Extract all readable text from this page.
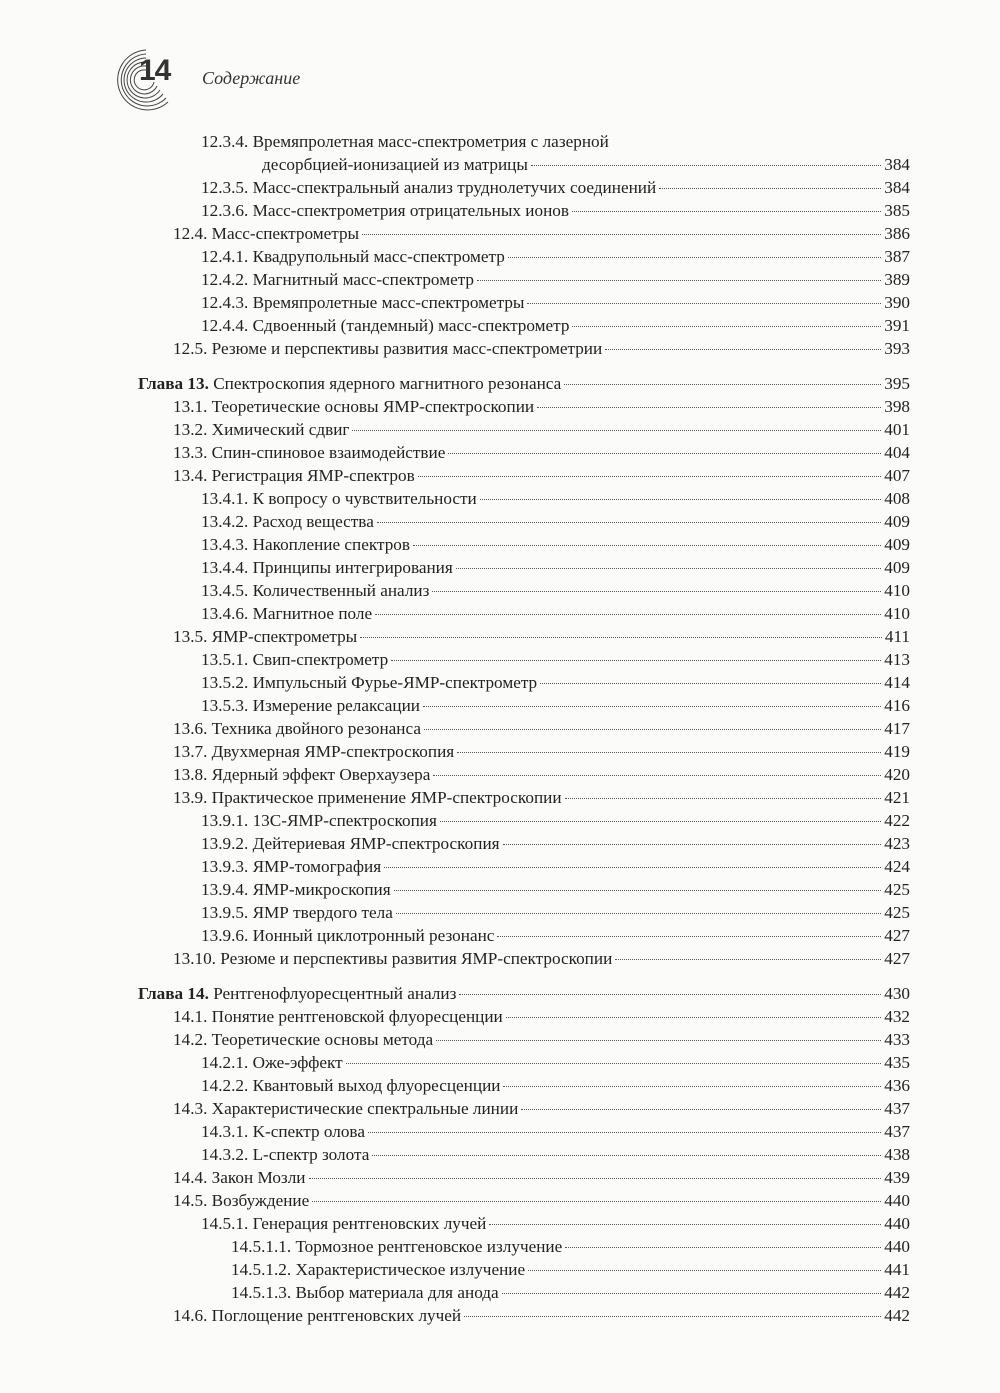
14 Содержание
12.3.4. Времяпролетная масс-спектрометрия с лазерной
десорбцией-ионизацией из матрицы	384
12.3.5. Масс-спектральный анализ труднолетучих соединений	384
12.3.6. Масс-спектрометрия отрицательных ионов	385
12.4. Масс-спектрометры	386
12.4.1. Квадрупольный масс-спектрометр	387
12.4.2. Магнитный масс-спектрометр	389
12.4.3. Времяпролетные масс-спектрометры	390
12.4.4. Сдвоенный (тандемный) масс-спектрометр	391
12.5. Резюме и перспективы развития масс-спектрометрии	393
Глава 13. Спектроскопия ядерного магнитного резонанса	395
13.1. Теоретические основы ЯМР-спектроскопии	398
13.2. Химический сдвиг	401
13.3. Спин-спиновое взаимодействие	404
13.4. Регистрация ЯМР-спектров	407
13.4.1. К вопросу о чувствительности	408
13.4.2. Расход вещества	409
13.4.3. Накопление спектров	409
13.4.4. Принципы интегрирования	409
13.4.5. Количественный анализ	410
13.4.6. Магнитное поле	410
13.5. ЯМР-спектрометры	411
13.5.1. Свип-спектрометр	413
13.5.2. Импульсный Фурье-ЯМР-спектрометр	414
13.5.3. Измерение релаксации	416
13.6. Техника двойного резонанса	417
13.7. Двухмерная ЯМР-спектроскопия	419
13.8. Ядерный эффект Оверхаузера	420
13.9. Практическое применение ЯМР-спектроскопии	421
13.9.1. 13С-ЯМР-спектроскопия	422
13.9.2. Дейтериевая ЯМР-спектроскопия	423
13.9.3. ЯМР-томография	424
13.9.4. ЯМР-микроскопия	425
13.9.5. ЯМР твердого тела	425
13.9.6. Ионный циклотронный резонанс	427
13.10. Резюме и перспективы развития ЯМР-спектроскопии	427
Глава 14. Рентгенофлуоресцентный анализ	430
14.1. Понятие рентгеновской флуоресценции	432
14.2. Теоретические основы метода	433
14.2.1. Оже-эффект	435
14.2.2. Квантовый выход флуоресценции	436
14.3. Характеристические спектральные линии	437
14.3.1. K-спектр олова	437
14.3.2. L-спектр золота	438
14.4. Закон Мозли	439
14.5. Возбуждение	440
14.5.1. Генерация рентгеновских лучей	440
14.5.1.1. Тормозное рентгеновское излучение	440
14.5.1.2. Характеристическое излучение	441
14.5.1.3. Выбор материала для анода	442
14.6. Поглощение рентгеновских лучей	442
